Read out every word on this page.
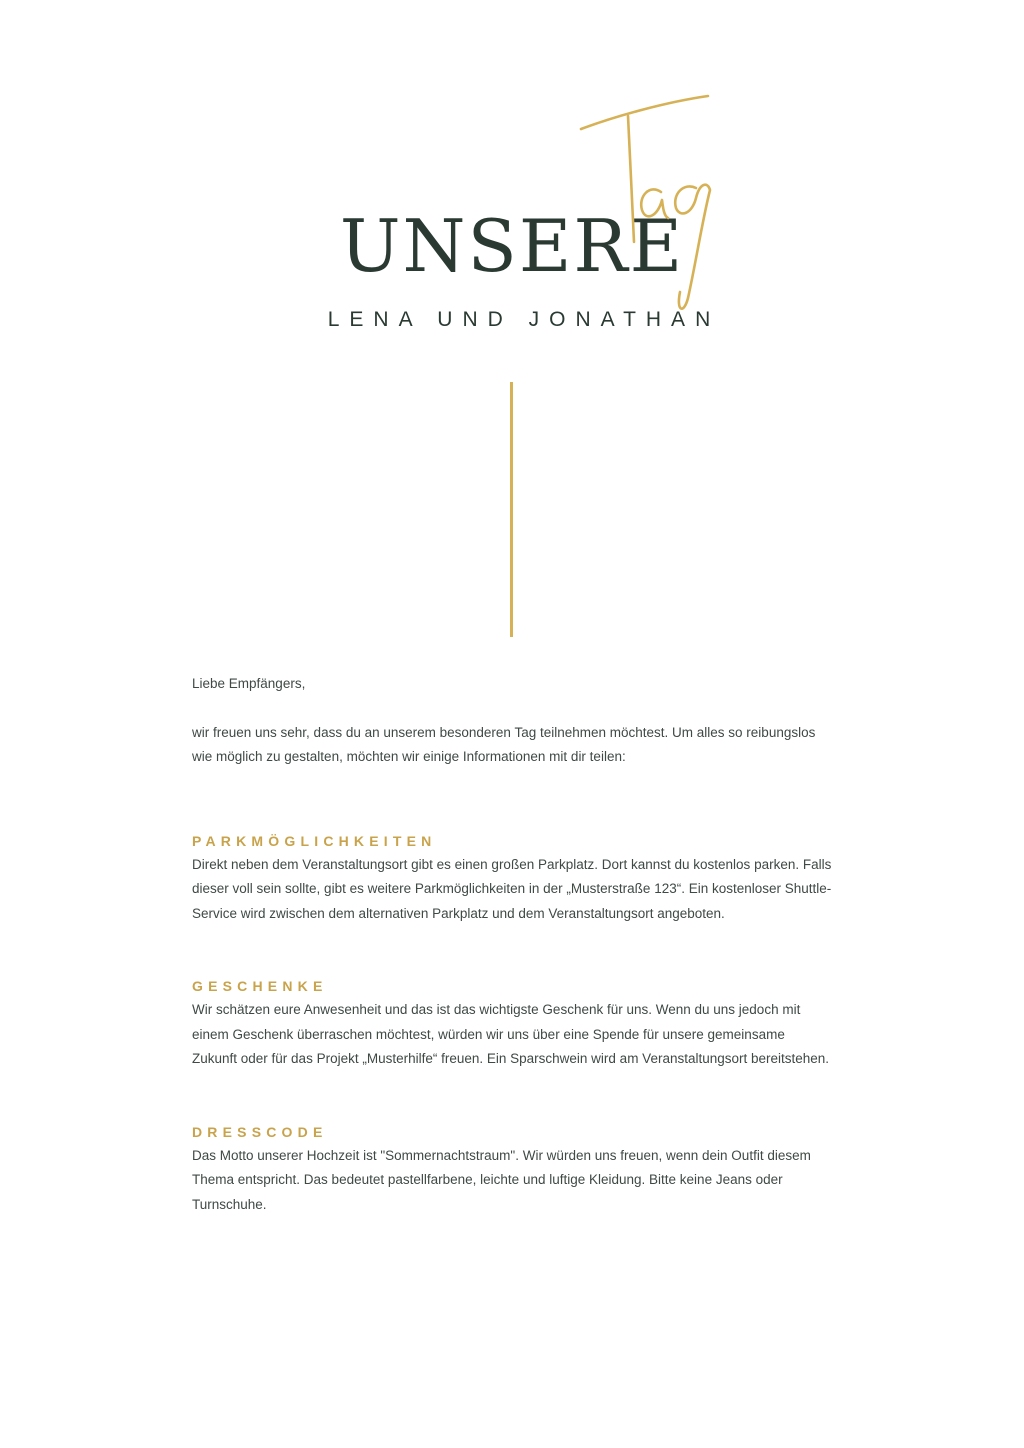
UNSERE
LENA UND JONATHAN

Liebe Empfängers,

wir freuen uns sehr, dass du an unserem besonderen Tag teilnehmen möchtest. Um alles so reibungslos wie möglich zu gestalten, möchten wir einige Informationen mit dir teilen:

PARKMÖGLICHKEITEN

Direkt neben dem Veranstaltungsort gibt es einen großen Parkplatz. Dort kannst du kostenlos parken. Falls dieser voll sein sollte, gibt es weitere Parkmöglichkeiten in der „Musterstraße 123“. Ein kostenloser Shuttle-Service wird zwischen dem alternativen Parkplatz und dem Veranstaltungsort angeboten.

GESCHENKE

Wir schätzen eure Anwesenheit und das ist das wichtigste Geschenk für uns. Wenn du uns jedoch mit einem Geschenk überraschen möchtest, würden wir uns über eine Spende für unsere gemeinsame Zukunft oder für das Projekt „Musterhilfe“ freuen. Ein Sparschwein wird am Veranstaltungsort bereitstehen.

DRESSCODE

Das Motto unserer Hochzeit ist "Sommernachtstraum". Wir würden uns freuen, wenn dein Outfit diesem Thema entspricht. Das bedeutet pastellfarbene, leichte und luftige Kleidung. Bitte keine Jeans oder Turnschuhe.
